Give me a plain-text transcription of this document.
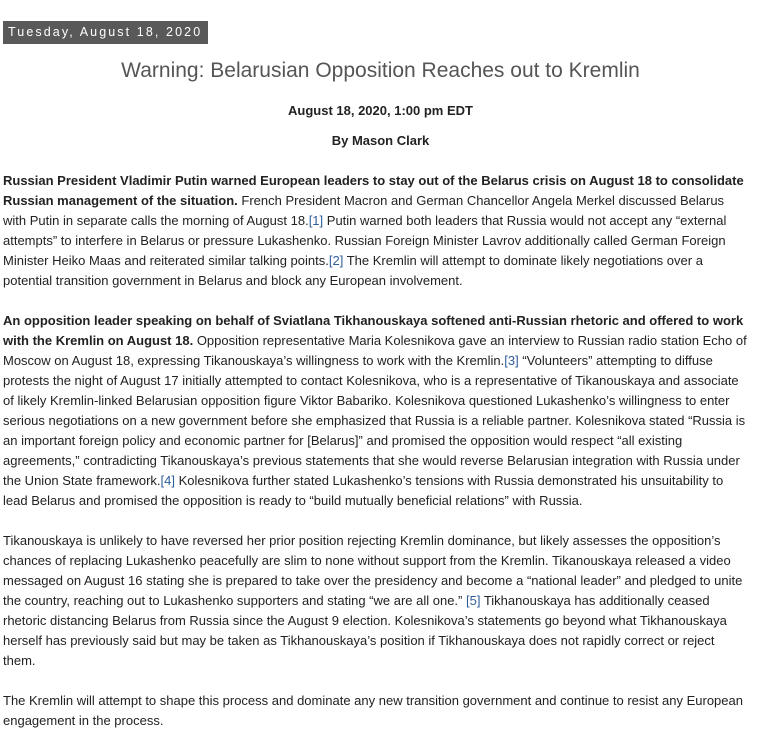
Tuesday, August 18, 2020
Warning: Belarusian Opposition Reaches out to Kremlin
August 18, 2020, 1:00 pm EDT
By Mason Clark

Russian President Vladimir Putin warned European leaders to stay out of the Belarus crisis on August 18 to consolidate Russian management of the situation. French President Macron and German Chancellor Angela Merkel discussed Belarus with Putin in separate calls the morning of August 18.[1] Putin warned both leaders that Russia would not accept any “external attempts” to interfere in Belarus or pressure Lukashenko. Russian Foreign Minister Lavrov additionally called German Foreign Minister Heiko Maas and reiterated similar talking points.[2] The Kremlin will attempt to dominate likely negotiations over a potential transition government in Belarus and block any European involvement.

An opposition leader speaking on behalf of Sviatlana Tikhanouskaya softened anti-Russian rhetoric and offered to work with the Kremlin on August 18. Opposition representative Maria Kolesnikova gave an interview to Russian radio station Echo of Moscow on August 18, expressing Tikanouskaya’s willingness to work with the Kremlin.[3] “Volunteers” attempting to diffuse protests the night of August 17 initially attempted to contact Kolesnikova, who is a representative of Tikanouskaya and associate of likely Kremlin-linked Belarusian opposition figure Viktor Babariko. Kolesnikova questioned Lukashenko’s willingness to enter serious negotiations on a new government before she emphasized that Russia is a reliable partner. Kolesnikova stated “Russia is an important foreign policy and economic partner for [Belarus]” and promised the opposition would respect “all existing agreements,” contradicting Tikanouskaya’s previous statements that she would reverse Belarusian integration with Russia under the Union State framework.[4] Kolesnikova further stated Lukashenko’s tensions with Russia demonstrated his unsuitability to lead Belarus and promised the opposition is ready to “build mutually beneficial relations” with Russia.

Tikanouskaya is unlikely to have reversed her prior position rejecting Kremlin dominance, but likely assesses the opposition’s chances of replacing Lukashenko peacefully are slim to none without support from the Kremlin. Tikanouskaya released a video messaged on August 16 stating she is prepared to take over the presidency and become a “national leader” and pledged to unite the country, reaching out to Lukashenko supporters and stating “we are all one.” [5] Tikhanouskaya has additionally ceased rhetoric distancing Belarus from Russia since the August 9 election. Kolesnikova’s statements go beyond what Tikhanouskaya herself has previously said but may be taken as Tikhanouskaya’s position if Tikhanouskaya does not rapidly correct or reject them.

The Kremlin will attempt to shape this process and dominate any new transition government and continue to resist any European engagement in the process.
